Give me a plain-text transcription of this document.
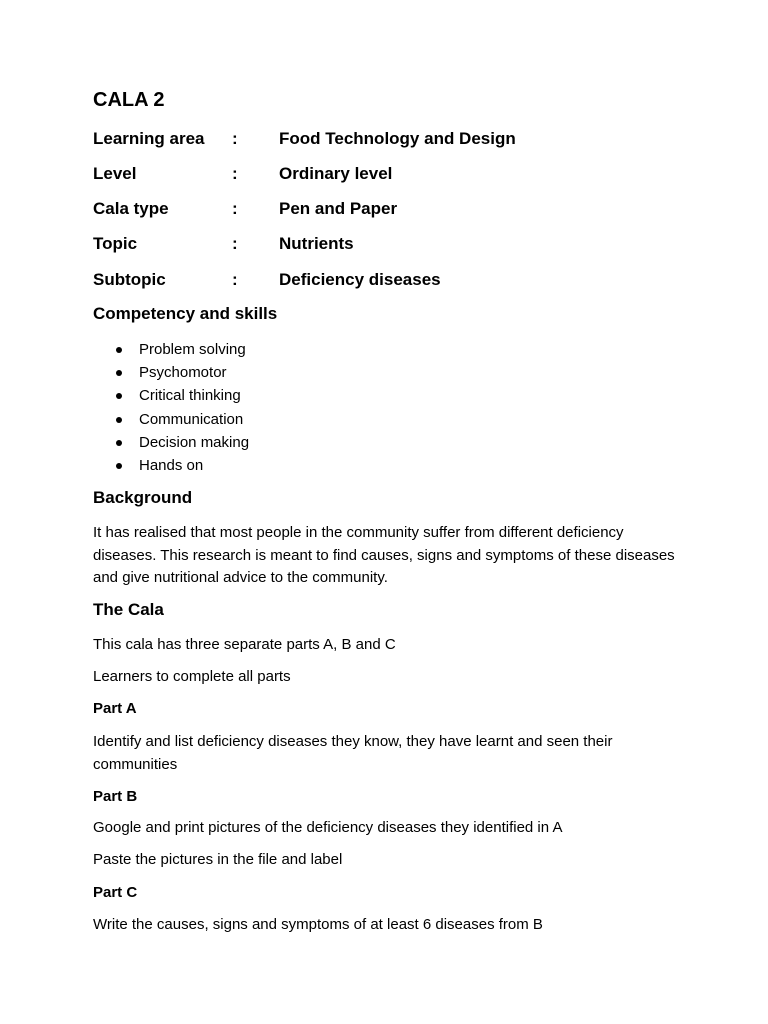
CALA 2
Learning area : Food Technology and Design
Level	: Ordinary level
Cala type	: Pen and Paper
Topic	: Nutrients
Subtopic	: Deficiency diseases
Competency and skills
Problem solving
Psychomotor
Critical thinking
Communication
Decision making
Hands on
Background

It has realised that most people in the community suffer from different deficiency diseases. This research is meant to find causes, signs and symptoms of these diseases and give nutritional advice to the community.

The Cala
This cala has three separate parts A, B and C
Learners to complete all parts
Part A

Identify and list deficiency diseases they know, they have learnt and seen their communities

Part B
Google and print pictures of the deficiency diseases they identified in A
Paste the pictures in the file and label
Part C
Write the causes, signs and symptoms of at least 6 diseases from B
